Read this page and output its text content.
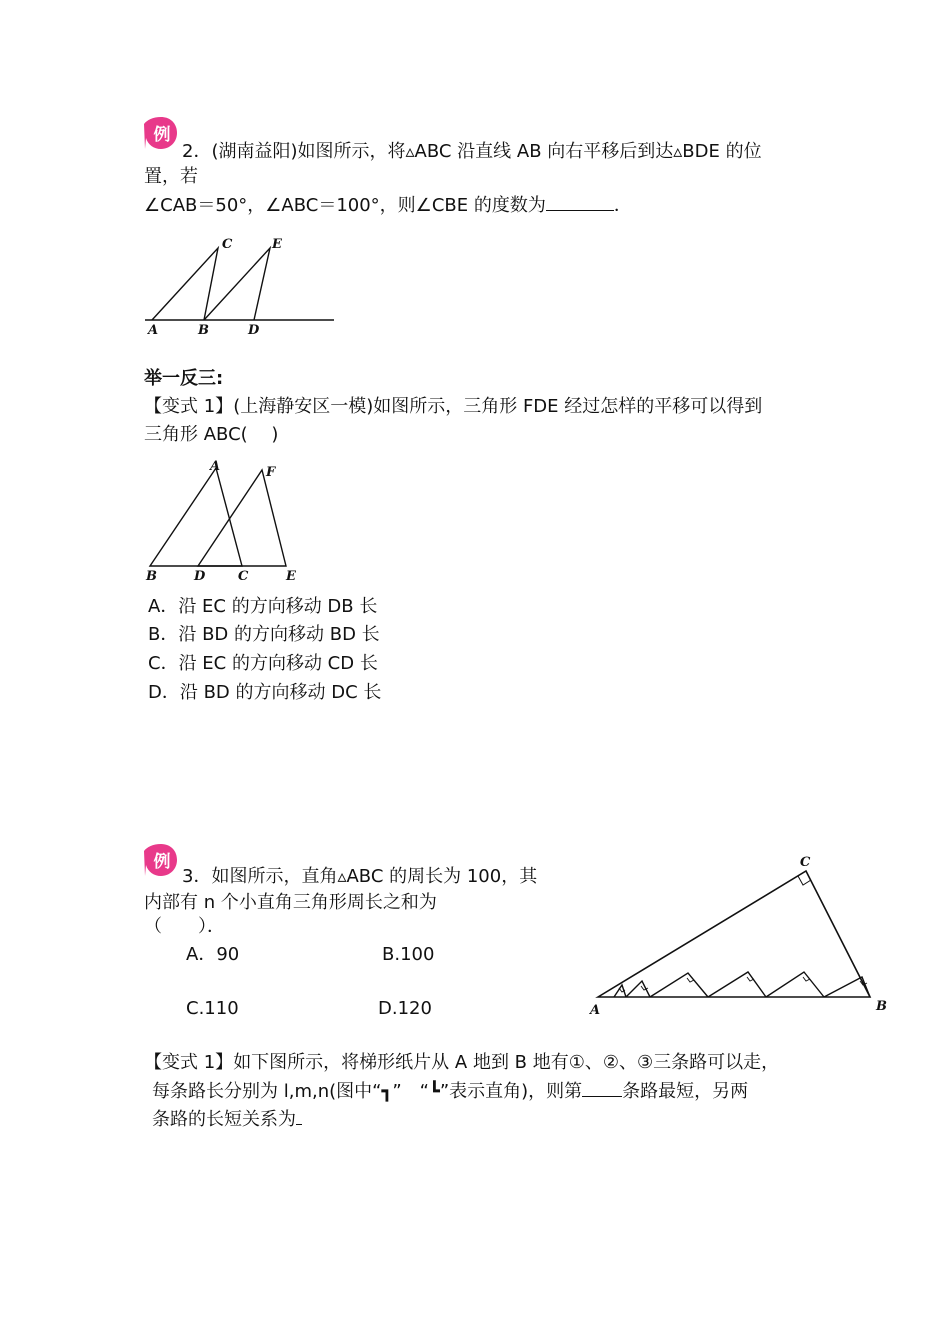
例
2．(湖南益阳)如图所示，将▵ABC 沿直线 AB 向右平移后到达▵BDE 的位
置，若
∠CAB＝50°，∠ABC＝100°，则∠CBE 的度数为	．
A	B
C
D
E
举一反三:
【变式 1】(上海静安区一模)如图所示，三角形 FDE 经过怎样的平移可以得到
三角形 ABC(　 )
A
B	C
D	E
F
A．沿 EC 的方向移动 DB 长
B．沿 BD 的方向移动 BD 长
C．沿 EC 的方向移动 CD 长
D．沿 BD 的方向移动 DC 长
例
3．如图所示，直角▵ABC 的周长为 100，其
内部有 n 个小直角三角形周长之和为
（　　）．
A．90	B.100
C.110	D.120	A
C
B
【变式 1】如下图所示，将梯形纸片从 A 地到 B 地有①、②、③三条路可以走，
每条路长分别为 l,m,n(图中“┓”　“┗”表示直角)，则第 条路最短，另两
条路的长短关系为
